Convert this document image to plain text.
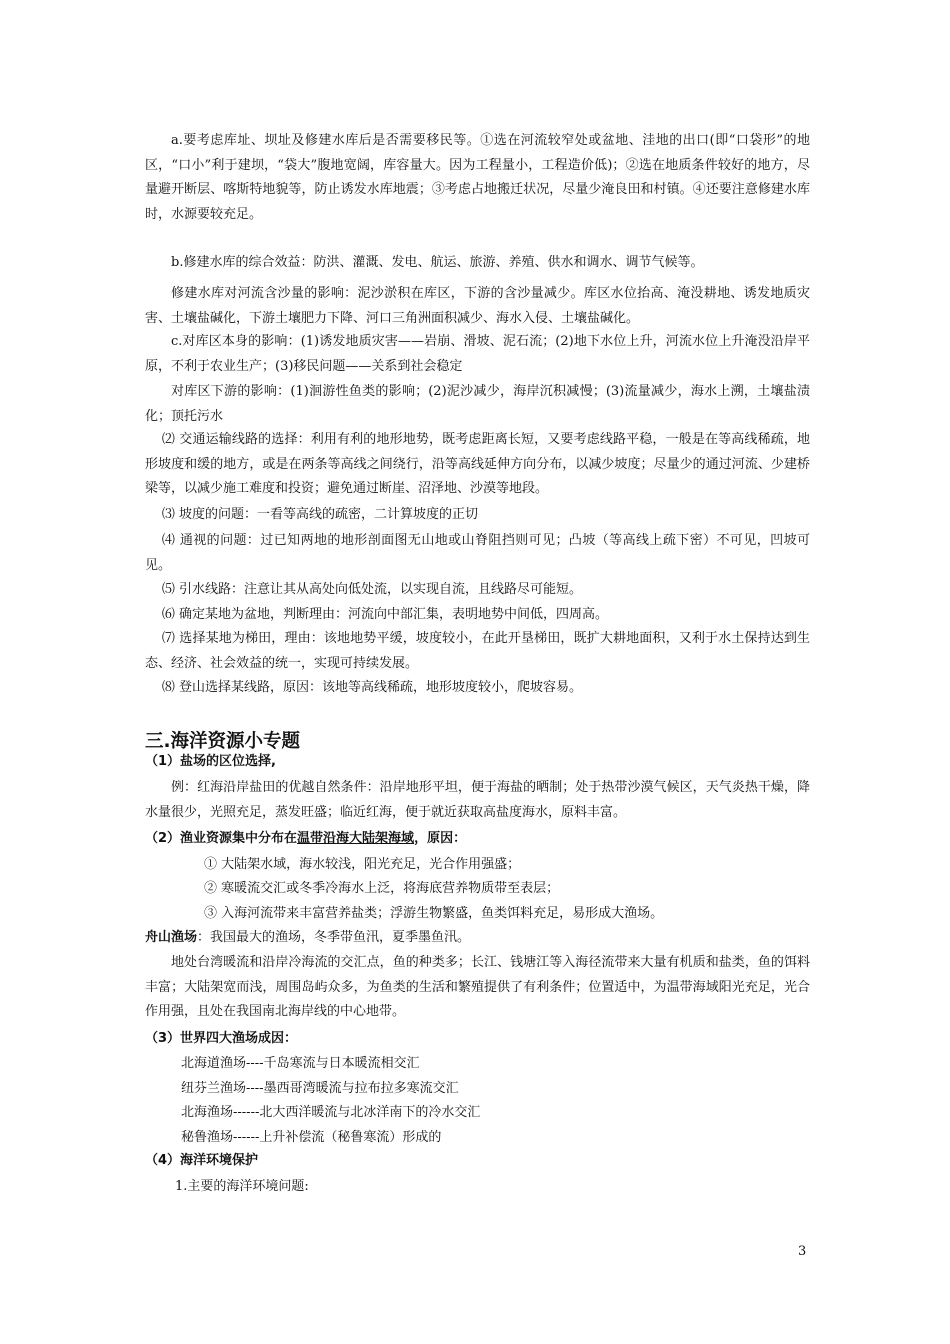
a.要考虑库址、坝址及修建水库后是否需要移民等。①选在河流较窄处或盆地、洼地的出口(即“口袋形”的地区，“口小”利于建坝，“袋大”腹地宽阔，库容量大。因为工程量小，工程造价低)；②选在地质条件较好的地方，尽量避开断层、喀斯特地貌等，防止诱发水库地震；③考虑占地搬迁状况，尽量少淹良田和村镇。④还要注意修建水库时，水源要较充足。

b.修建水库的综合效益：防洪、灌溉、发电、航运、旅游、养殖、供水和调水、调节气候等。

修建水库对河流含沙量的影响：泥沙淤积在库区，下游的含沙量减少。库区水位抬高、淹没耕地、诱发地质灾害、土壤盐碱化，下游土壤肥力下降、河口三角洲面积减少、海水入侵、土壤盐碱化。

c.对库区本身的影响：(1)诱发地质灾害——岩崩、滑坡、泥石流；(2)地下水位上升，河流水位上升淹没沿岸平原，不利于农业生产；(3)移民问题——关系到社会稳定

对库区下游的影响：(1)洄游性鱼类的影响；(2)泥沙减少，海岸沉积减慢；(3)流量减少，海水上溯，土壤盐渍化；顶托污水

⑵ 交通运输线路的选择：利用有利的地形地势，既考虑距离长短，又要考虑线路平稳，一般是在等高线稀疏，地形坡度和缓的地方，或是在两条等高线之间绕行，沿等高线延伸方向分布，以减少坡度；尽量少的通过河流、少建桥梁等，以减少施工难度和投资；避免通过断崖、沼泽地、沙漠等地段。

⑶ 坡度的问题：一看等高线的疏密，二计算坡度的正切

⑷ 通视的问题：过已知两地的地形剖面图无山地或山脊阻挡则可见；凸坡（等高线上疏下密）不可见，凹坡可见。

⑸ 引水线路：注意让其从高处向低处流，以实现自流，且线路尽可能短。

⑹ 确定某地为盆地，判断理由：河流向中部汇集，表明地势中间低，四周高。

⑺ 选择某地为梯田，理由：该地地势平缓，坡度较小，在此开垦梯田，既扩大耕地面积，又利于水土保持达到生态、经济、社会效益的统一，实现可持续发展。

⑻ 登山选择某线路，原因：该地等高线稀疏，地形坡度较小，爬坡容易。

三.海洋资源小专题
（1）盐场的区位选择,

例：红海沿岸盐田的优越自然条件：沿岸地形平坦，便于海盐的晒制；处于热带沙漠气候区，天气炎热干燥，降水量很少，光照充足，蒸发旺盛；临近红海，便于就近获取高盐度海水，原料丰富。

（2）渔业资源集中分布在温带沿海大陆架海域，原因：
① 大陆架水域，海水较浅，阳光充足，光合作用强盛；
② 寒暖流交汇或冬季冷海水上泛，将海底营养物质带至表层；
③ 入海河流带来丰富营养盐类；浮游生物繁盛，鱼类饵料充足，易形成大渔场。
舟山渔场：我国最大的渔场，冬季带鱼汛，夏季墨鱼汛。

地处台湾暖流和沿岸冷海流的交汇点，鱼的种类多；长江、钱塘江等入海径流带来大量有机质和盐类，鱼的饵料丰富；大陆架宽而浅，周围岛屿众多，为鱼类的生活和繁殖提供了有利条件；位置适中，为温带海域阳光充足，光合作用强，且处在我国南北海岸线的中心地带。

（3）世界四大渔场成因：
北海道渔场----千岛寒流与日本暖流相交汇
纽芬兰渔场----墨西哥湾暖流与拉布拉多寒流交汇
北海渔场------北大西洋暖流与北冰洋南下的冷水交汇
秘鲁渔场------上升补偿流（秘鲁寒流）形成的
（4）海洋环境保护
1.主要的海洋环境问题:
3
